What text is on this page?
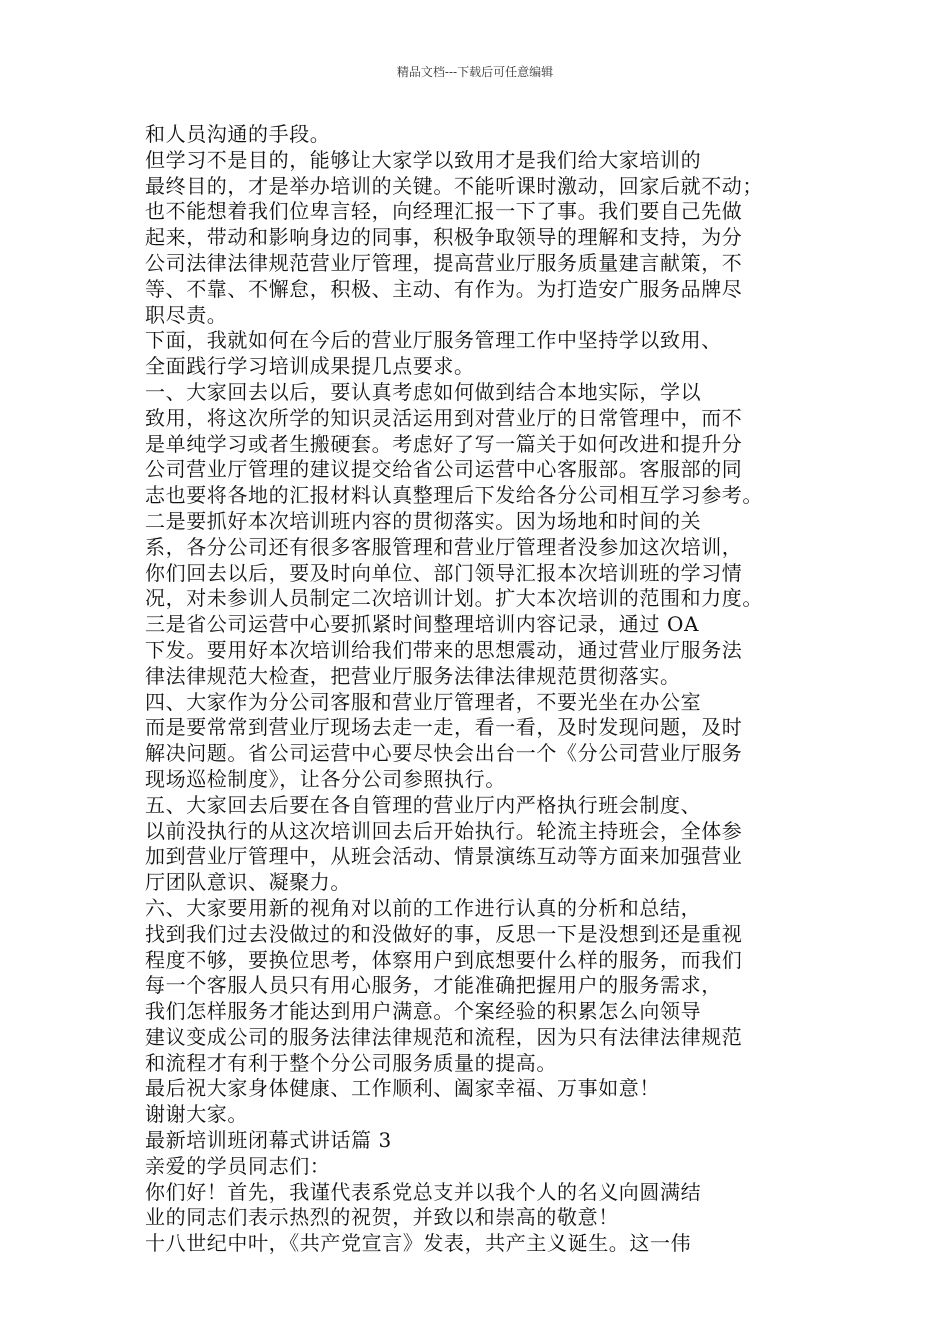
精品文档---下载后可任意编辑

和人员沟通的手段。

但学习不是目的，能够让大家学以致用才是我们给大家培训的
最终目的，才是举办培训的关键。不能听课时激动，回家后就不动；
也不能想着我们位卑言轻，向经理汇报一下了事。我们要自己先做
起来，带动和影响身边的同事，积极争取领导的理解和支持，为分
公司法律法律规范营业厅管理，提高营业厅服务质量建言献策，不
等、不靠、不懈怠，积极、主动、有作为。为打造安广服务品牌尽
职尽责。

下面，我就如何在今后的营业厅服务管理工作中坚持学以致用、
全面践行学习培训成果提几点要求。

一、大家回去以后，要认真考虑如何做到结合本地实际，学以
致用，将这次所学的知识灵活运用到对营业厅的日常管理中，而不
是单纯学习或者生搬硬套。考虑好了写一篇关于如何改进和提升分
公司营业厅管理的建议提交给省公司运营中心客服部。客服部的同
志也要将各地的汇报材料认真整理后下发给各分公司相互学习参考。

二是要抓好本次培训班内容的贯彻落实。因为场地和时间的关
系，各分公司还有很多客服管理和营业厅管理者没参加这次培训，
你们回去以后，要及时向单位、部门领导汇报本次培训班的学习情
况，对未参训人员制定二次培训计划。扩大本次培训的范围和力度。

三是省公司运营中心要抓紧时间整理培训内容记录，通过 OA
下发。要用好本次培训给我们带来的思想震动，通过营业厅服务法
律法律规范大检查，把营业厅服务法律法律规范贯彻落实。

四、大家作为分公司客服和营业厅管理者，不要光坐在办公室
而是要常常到营业厅现场去走一走，看一看，及时发现问题，及时
解决问题。省公司运营中心要尽快会出台一个《分公司营业厅服务
现场巡检制度》，让各分公司参照执行。

五、大家回去后要在各自管理的营业厅内严格执行班会制度、
以前没执行的从这次培训回去后开始执行。轮流主持班会，全体参
加到营业厅管理中，从班会活动、情景演练互动等方面来加强营业
厅团队意识、凝聚力。

六、大家要用新的视角对以前的工作进行认真的分析和总结，
找到我们过去没做过的和没做好的事，反思一下是没想到还是重视
程度不够，要换位思考，体察用户到底想要什么样的服务，而我们
每一个客服人员只有用心服务，才能准确把握用户的服务需求，

我们怎样服务才能达到用户满意。个案经验的积累怎么向领导
建议变成公司的服务法律法律规范和流程，因为只有法律法律规范
和流程才有利于整个分公司服务质量的提高。

最后祝大家身体健康、工作顺利、阖家幸福、万事如意！

谢谢大家。

最新培训班闭幕式讲话篇 3

亲爱的学员同志们：

你们好！首先，我谨代表系党总支并以我个人的名义向圆满结
业的同志们表示热烈的祝贺，并致以和崇高的敬意！

十八世纪中叶，《共产党宣言》发表，共产主义诞生。这一伟
